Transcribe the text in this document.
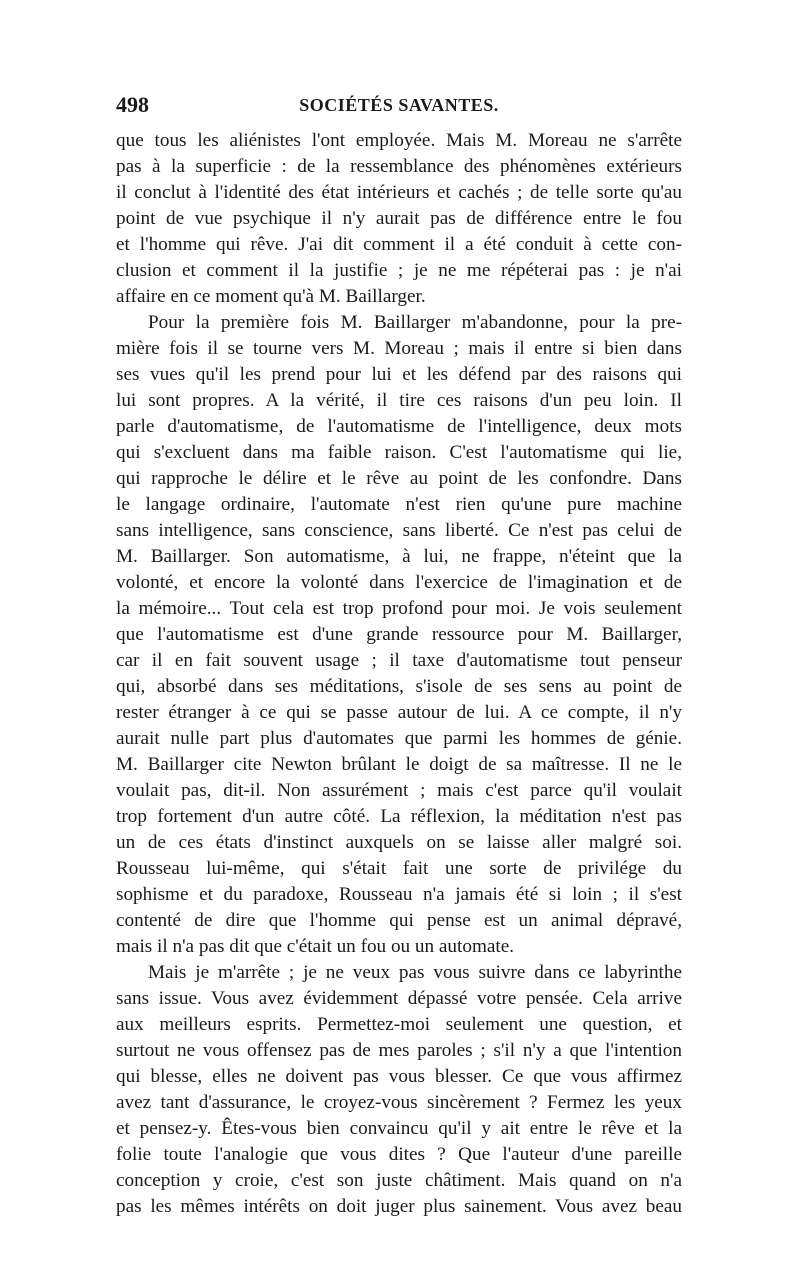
498	SOCIÉTÉS SAVANTES.
que tous les aliénistes l'ont employée. Mais M. Moreau ne s'arrête
pas à la superficie : de la ressemblance des phénomènes extérieurs
il conclut à l'identité des état intérieurs et cachés ; de telle sorte qu'au
point de vue psychique il n'y aurait pas de différence entre le fou
et l'homme qui rêve. J'ai dit comment il a été conduit à cette con-
clusion et comment il la justifie ; je ne me répéterai pas : je n'ai
affaire en ce moment qu'à M. Baillarger.
Pour la première fois M. Baillarger m'abandonne, pour la pre-
mière fois il se tourne vers M. Moreau ; mais il entre si bien dans
ses vues qu'il les prend pour lui et les défend par des raisons qui
lui sont propres. A la vérité, il tire ces raisons d'un peu loin. Il
parle d'automatisme, de l'automatisme de l'intelligence, deux mots
qui s'excluent dans ma faible raison. C'est l'automatisme qui lie,
qui rapproche le délire et le rêve au point de les confondre. Dans
le langage ordinaire, l'automate n'est rien qu'une pure machine
sans intelligence, sans conscience, sans liberté. Ce n'est pas celui de
M. Baillarger. Son automatisme, à lui, ne frappe, n'éteint que la
volonté, et encore la volonté dans l'exercice de l'imagination et de
la mémoire... Tout cela est trop profond pour moi. Je vois seulement
que l'automatisme est d'une grande ressource pour M. Baillarger,
car il en fait souvent usage ; il taxe d'automatisme tout penseur
qui, absorbé dans ses méditations, s'isole de ses sens au point de
rester étranger à ce qui se passe autour de lui. A ce compte, il n'y
aurait nulle part plus d'automates que parmi les hommes de génie.
M. Baillarger cite Newton brûlant le doigt de sa maîtresse. Il ne le
voulait pas, dit-il. Non assurément ; mais c'est parce qu'il voulait
trop fortement d'un autre côté. La réflexion, la méditation n'est pas
un de ces états d'instinct auxquels on se laisse aller malgré soi.
Rousseau lui-même, qui s'était fait une sorte de privilége du
sophisme et du paradoxe, Rousseau n'a jamais été si loin ; il s'est
contenté de dire que l'homme qui pense est un animal dépravé,
mais il n'a pas dit que c'était un fou ou un automate.
Mais je m'arrête ; je ne veux pas vous suivre dans ce labyrinthe
sans issue. Vous avez évidemment dépassé votre pensée. Cela arrive
aux meilleurs esprits. Permettez-moi seulement une question, et
surtout ne vous offensez pas de mes paroles ; s'il n'y a que l'intention
qui blesse, elles ne doivent pas vous blesser. Ce que vous affirmez
avez tant d'assurance, le croyez-vous sincèrement ? Fermez les yeux
et pensez-y. Êtes-vous bien convaincu qu'il y ait entre le rêve et la
folie toute l'analogie que vous dites ? Que l'auteur d'une pareille
conception y croie, c'est son juste châtiment. Mais quand on n'a
pas les mêmes intérêts on doit juger plus sainement. Vous avez beau
